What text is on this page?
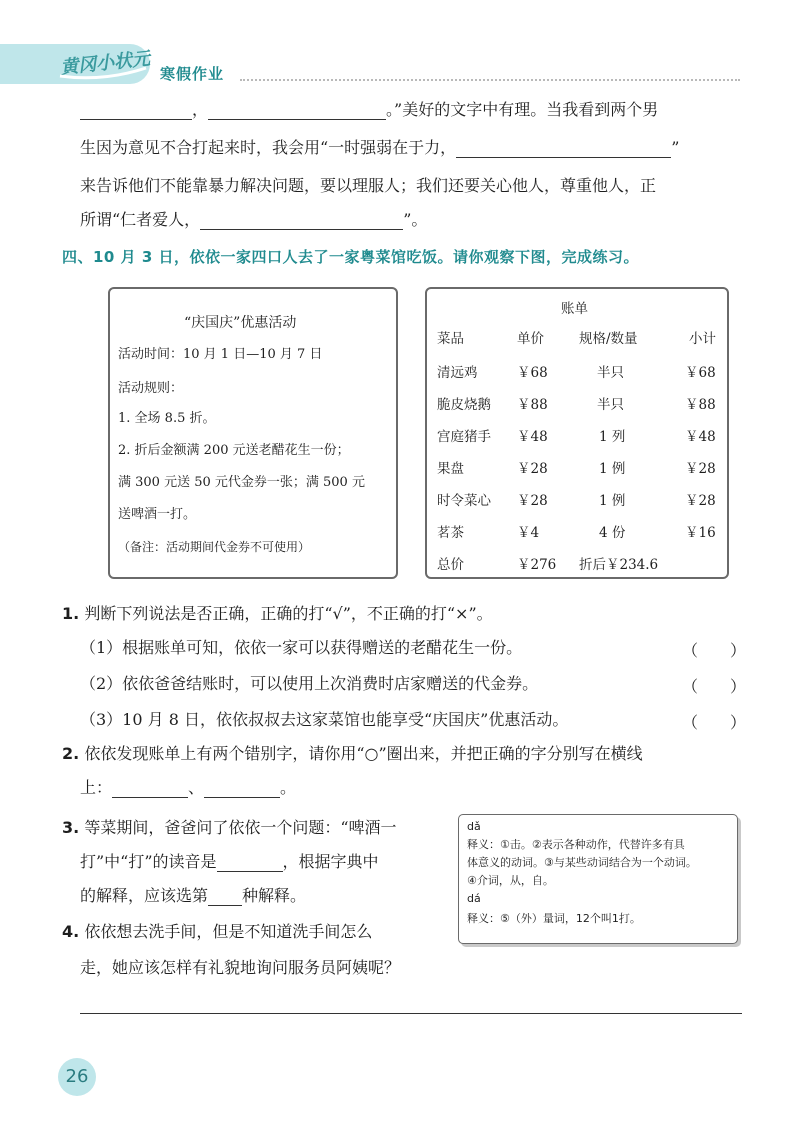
黄冈小状元 寒假作业
，	。”美好的文字中有理。当我看到两个男
生因为意见不合打起来时，我会用“一时强弱在于力，	”
来告诉他们不能靠暴力解决问题，要以理服人；我们还要关心他人，尊重他人，正
所谓“仁者爱人，	”。
四、10 月 3 日，依依一家四口人去了一家粤菜馆吃饭。请你观察下图，完成练习。
“庆国庆”优惠活动
活动时间：10 月 1 日—10 月 7 日
活动规则：
1. 全场 8.5 折。
2. 折后金额满 200 元送老醋花生一份；
满 300 元送 50 元代金券一张；满 500 元
送啤酒一打。
（备注：活动期间代金券不可使用）
账单
菜品	单价	规格/数量	小计
清远鸡	￥68	半只	￥68
脆皮烧鹅 ￥88	半只	￥88
宫庭猪手 ￥48	1 列	￥48
果盘	￥28	1 例	￥28
时令菜心 ￥28	1 例	￥28
茗茶	￥4	4 份	￥16
总价	￥276 折后￥234.6
1. 判断下列说法是否正确，正确的打“√”，不正确的打“×”。
（1）根据账单可知，依依一家可以获得赠送的老醋花生一份。	（　　）
（2）依依爸爸结账时，可以使用上次消费时店家赠送的代金券。	（　　）
（3）10 月 8 日，依依叔叔去这家菜馆也能享受“庆国庆”优惠活动。	（　　）
2. 依依发现账单上有两个错别字，请你用“○”圈出来，并把正确的字分别写在横线
上：	、	。
3. 等菜期间，爸爸问了依依一个问题：“啤酒一
打”中“打”的读音是	，根据字典中
的解释，应该选第 种解释。
dǎ
释义：①击。②表示各种动作，代替许多有具
体意义的动词。③与某些动词结合为一个动词。
④介词，从，自。
dá
释义：⑤（外）量词，12个叫1打。
4. 依依想去洗手间，但是不知道洗手间怎么
走，她应该怎样有礼貌地询问服务员阿姨呢？
26
